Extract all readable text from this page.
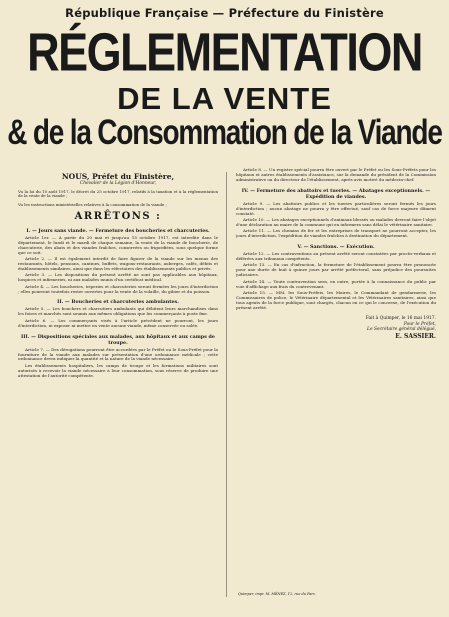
République Française — Préfecture du Finistère
RÉGLEMENTATION
DE LA VENTE
& de la Consommation de la Viande
NOUS, Préfet du Finistère,
Chevalier de la Légion d'Honneur,

Vu la loi du 10 août 1917, le décret du 25 octobre 1917, relatifs à la taxation et à la réglementation de la vente de la viande ;

Vu les instructions ministérielles relatives à la consommation de la viande ;

ARRÊTONS :
I. — Jours sans viande. — Fermeture des boucheries et charcuteries.

Article 1er. — A partir du 20 mai et jusqu'au 15 octobre 1917, est interdite dans le département, le lundi et le mardi de chaque semaine, la vente de la viande de boucherie, de charcuterie, des abats et des viandes fraîches, conservées ou frigorifiées, sous quelque forme que ce soit.

Article 2. — Il est également interdit de faire figurer de la viande sur les menus des restaurants, hôtels, pensions, cantines, buffets, wagons-restaurants, auberges, cafés, débits et établissements similaires, ainsi que dans les réfectoires des établissements publics et privés.

Article 3. — Les dispositions du présent arrêté ne sont pas applicables aux hôpitaux, hospices et infirmeries, ni aux malades munis d'un certificat médical.

Article 4. — Les boucheries, triperies et charcuteries seront fermées les jours d'interdiction ; elles pourront toutefois rester ouvertes pour la vente de la volaille, du gibier et du poisson.

II. — Boucheries et charcuteries ambulantes.

Article 5. — Les bouchers et charcutiers ambulants qui débitent leurs marchandises dans les foires et marchés sont soumis aux mêmes obligations que les commerçants à poste fixe.

Article 6. — Les commerçants visés à l'article précédent ne pourront, les jours d'interdiction, ni exposer ni mettre en vente aucune viande, même conservée ou salée.

III. — Dispositions spéciales aux malades, aux hôpitaux et aux camps de troupe.

Article 7. — Des dérogations pourront être accordées par le Préfet ou le Sous-Préfet pour la fourniture de la viande aux malades sur présentation d'une ordonnance médicale ; cette ordonnance devra indiquer la quantité et la nature de la viande nécessaire.

Les établissements hospitaliers, les camps de troupe et les formations militaires sont autorisés à recevoir la viande nécessaire à leur consommation, sous réserve de produire une attestation de l'autorité compétente.

Article 8. — Un registre spécial pourra être ouvert par le Préfet ou les Sous-Préfets pour les hôpitaux et autres établissements d'assistance, sur la demande du président de la Commission administrative ou du directeur de l'établissement, après avis motivé du médecin-chef.

IV. — Fermeture des abattoirs et tueries. — Abatages exceptionnels. — Expédition de viandes.

Article 9. — Les abattoirs publics et les tueries particulières seront fermés les jours d'interdiction ; aucun abatage ne pourra y être effectué, sauf cas de force majeure dûment constaté.

Article 10. — Les abatages exceptionnels d'animaux blessés ou malades devront faire l'objet d'une déclaration au maire de la commune qui en informera sans délai le vétérinaire sanitaire.

Article 11. — Les chemins de fer et les entreprises de transport ne pourront accepter, les jours d'interdiction, l'expédition de viandes fraîches à destination du département.

V. — Sanctions. — Exécution.

Article 12. — Les contraventions au présent arrêté seront constatées par procès-verbaux et déférées aux tribunaux compétents.

Article 13. — En cas d'infraction, la fermeture de l'établissement pourra être prononcée pour une durée de huit à quinze jours par arrêté préfectoral, sans préjudice des poursuites judiciaires.

Article 14. — Toute contravention sera, en outre, portée à la connaissance du public par voie d'affichage aux frais du contrevenant.

Article 15. — MM. les Sous-Préfets, les Maires, le Commandant de gendarmerie, les Commissaires de police, le Vétérinaire départemental et les Vétérinaires sanitaires, ainsi que tous agents de la force publique, sont chargés, chacun en ce qui le concerne, de l'exécution du présent arrêté.

Fait à Quimper, le 16 mai 1917.
Pour le Préfet,
Le Secrétaire général délégué,
E. SASSIER.
Quimper, impr. M. MÉNEZ, 12, rue du Parc.
